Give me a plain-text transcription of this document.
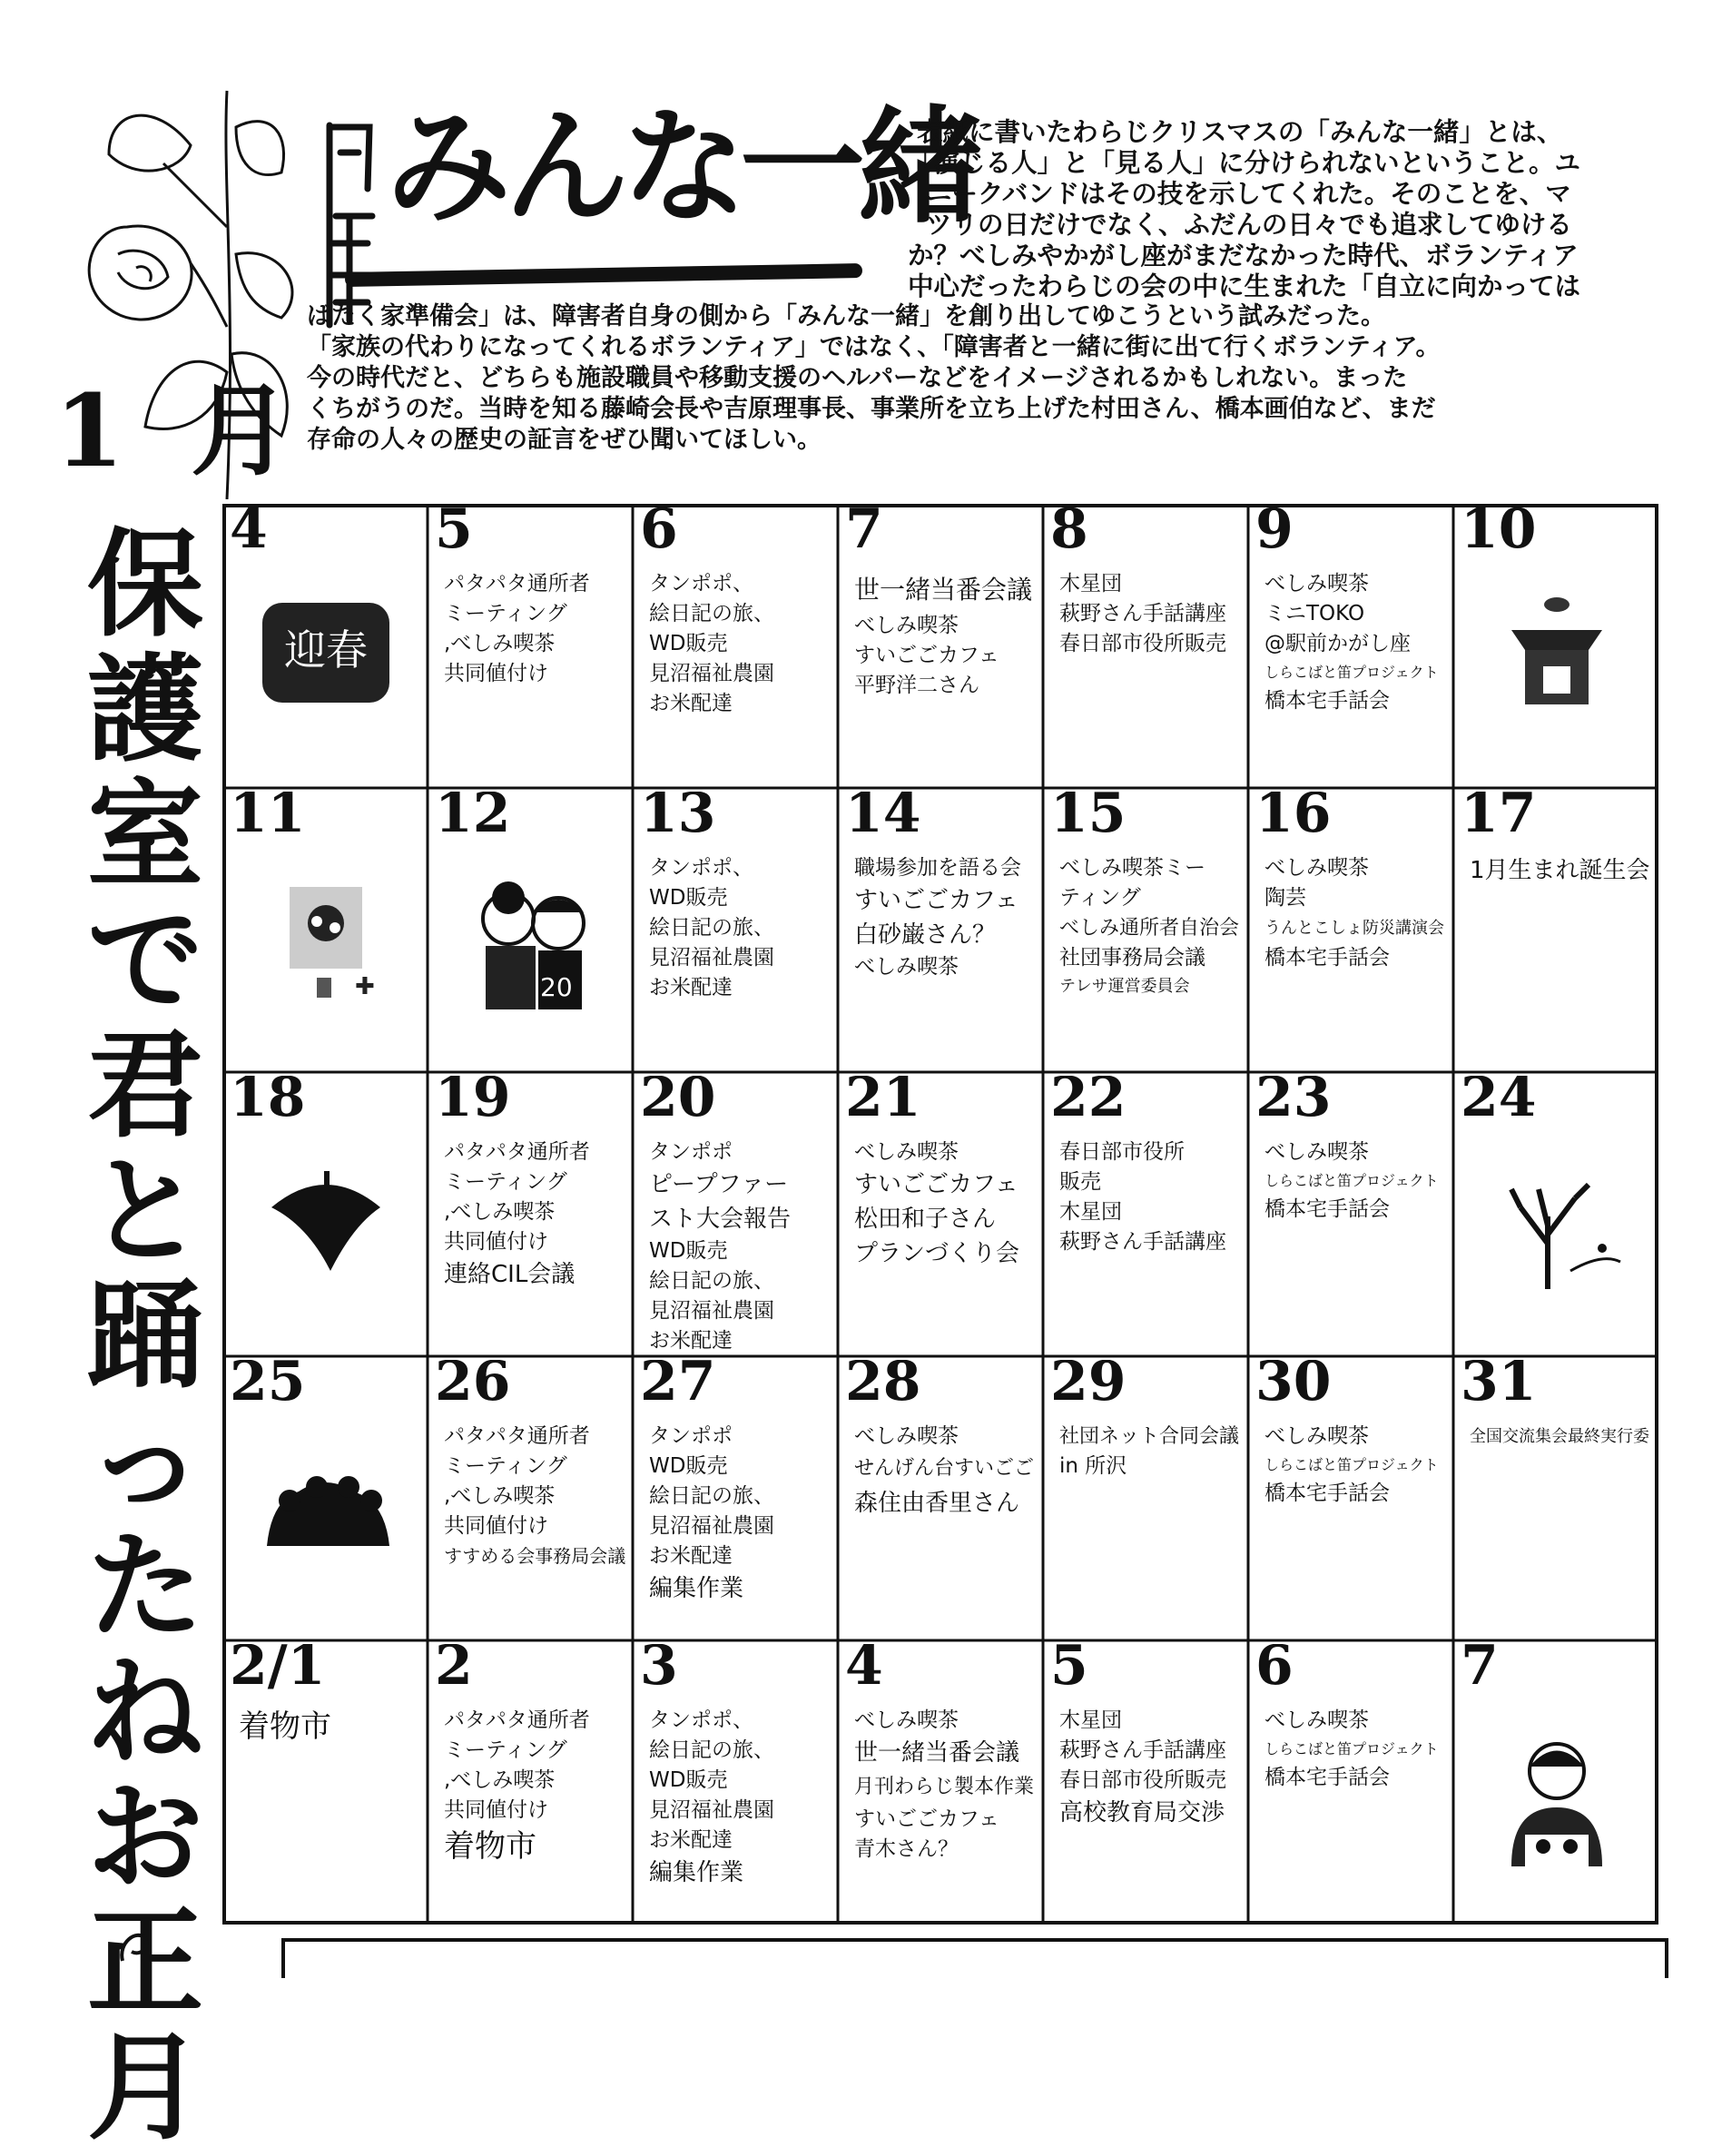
みんな一緒
1 月
表紙に書いたわらじクリスマスの「みんな一緒」とは、
「演じる人」と「見る人」に分けられないということ。ユ
ニークバンドはその技を示してくれた。そのことを、マ
ツリの日だけでなく、ふだんの日々でも追求してゆける
か？べしみやかがし座がまだなかった時代、ボランティア
中心だったわらじの会の中に生まれた「自立に向かっては
ばたく家準備会」は、障害者自身の側から「みんな一緒」を創り出してゆこうという試みだった。
「家族の代わりになってくれるボランティア」ではなく、「障害者と一緒に街に出て行くボランティア。
今の時代だと、どちらも施設職員や移動支援のヘルパーなどをイメージされるかもしれない。まった
くちがうのだ。当時を知る藤崎会長や吉原理事長、事業所を立ち上げた村田さん、橋本画伯など、まだ
存命の人々の歴史の証言をぜひ聞いてほしい。
保
護
室
で
君
と
踊
っ
た
ね
お
正
月
4
迎春
5
パタパタ通所者
ミーティング
,べしみ喫茶
共同値付け
6
タンポポ、
絵日記の旅、
WD販売
見沼福祉農園
お米配達
7
世一緒当番会議
べしみ喫茶
すいごごカフェ
平野洋二さん
8
木星団
萩野さん手話講座
春日部市役所販売
9
べしみ喫茶
ミニTOKO
@駅前かがし座
しらこばと笛プロジェクト
橋本宅手話会
10
11
✚
12
20
13
タンポポ、
WD販売
絵日記の旅、
見沼福祉農園
お米配達
14
職場参加を語る会
すいごごカフェ
白砂巌さん？
べしみ喫茶
15
べしみ喫茶ミー
ティング
べしみ通所者自治会
社団事務局会議
テレサ運営委員会
16
べしみ喫茶
陶芸
うんとこしょ防災講演会
橋本宅手話会
17
1月生まれ誕生会
18 19
パタパタ通所者
ミーティング
,べしみ喫茶
共同値付け
連絡CIL会議
20
タンポポ
ピープファー
スト大会報告
WD販売
絵日記の旅、
見沼福祉農園
お米配達
21
べしみ喫茶
すいごごカフェ
松田和子さん
プランづくり会
22
春日部市役所
販売
木星団
萩野さん手話講座
23
べしみ喫茶
しらこばと笛プロジェクト
橋本宅手話会
24
25 26
パタパタ通所者
ミーティング
,べしみ喫茶
共同値付け
すすめる会事務局会議
27
タンポポ
WD販売
絵日記の旅、
見沼福祉農園
お米配達
編集作業
28
べしみ喫茶
せんげん台すいごご
森住由香里さん
29
社団ネット合同会議
in 所沢
30
べしみ喫茶
しらこばと笛プロジェクト
橋本宅手話会
31
全国交流集会最終実行委
2/1
着物市
2
パタパタ通所者
ミーティング
,べしみ喫茶
共同値付け
着物市
3
タンポポ、
絵日記の旅、
WD販売
見沼福祉農園
お米配達
編集作業
4
べしみ喫茶
世一緒当番会議
月刊わらじ製本作業
すいごごカフェ
青木さん？
5
木星団
萩野さん手話講座
春日部市役所販売
高校教育局交渉
6
べしみ喫茶
しらこばと笛プロジェクト
橋本宅手話会
7
